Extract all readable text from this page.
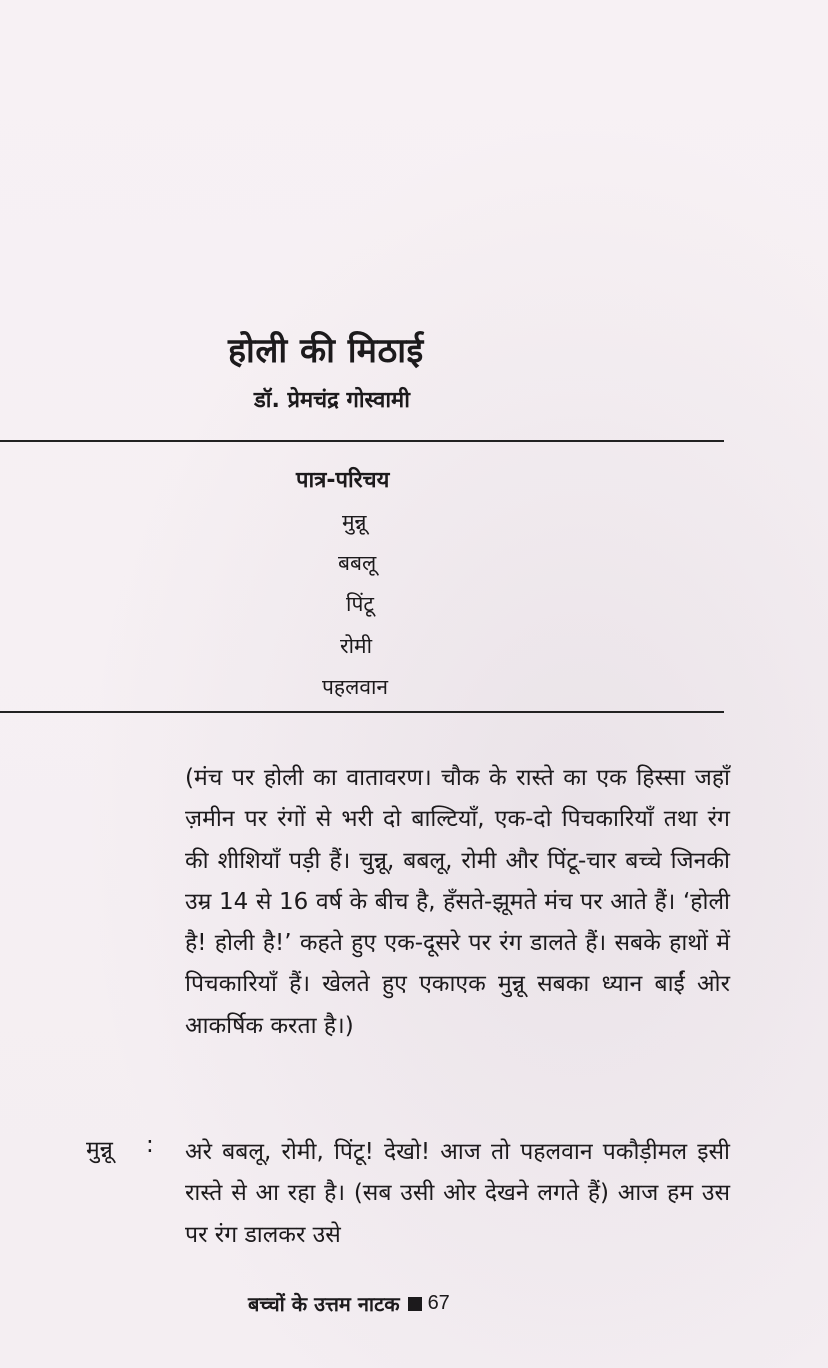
होली की मिठाई
डॉ. प्रेमचंद्र गोस्वामी
पात्र-परिचय
मुन्नू
बबलू
पिंटू
रोमी
पहलवान
(मंच पर होली का वातावरण। चौक के रास्ते का एक हिस्सा जहाँ ज़मीन पर रंगों से भरी दो बाल्टियाँ, एक-दो पिचकारियाँ तथा रंग की शीशियाँ पड़ी हैं। चुन्नू, बबलू, रोमी और पिंटू-चार बच्चे जिनकी उम्र 14 से 16 वर्ष के बीच है, हँसते-झूमते मंच पर आते हैं। ‘होली है! होली है!’ कहते हुए एक-दूसरे पर रंग डालते हैं। सबके हाथों में पिचकारियाँ हैं। खेलते हुए एकाएक मुन्नू सबका ध्यान बाईं ओर आकर्षिक करता है।)
मुन्नू : अरे बबलू, रोमी, पिंटू! देखो! आज तो पहलवान पकौड़ीमल इसी रास्ते से आ रहा है। (सब उसी ओर देखने लगते हैं) आज हम उस पर रंग डालकर उसे
बच्चों के उत्तम नाटक 67
